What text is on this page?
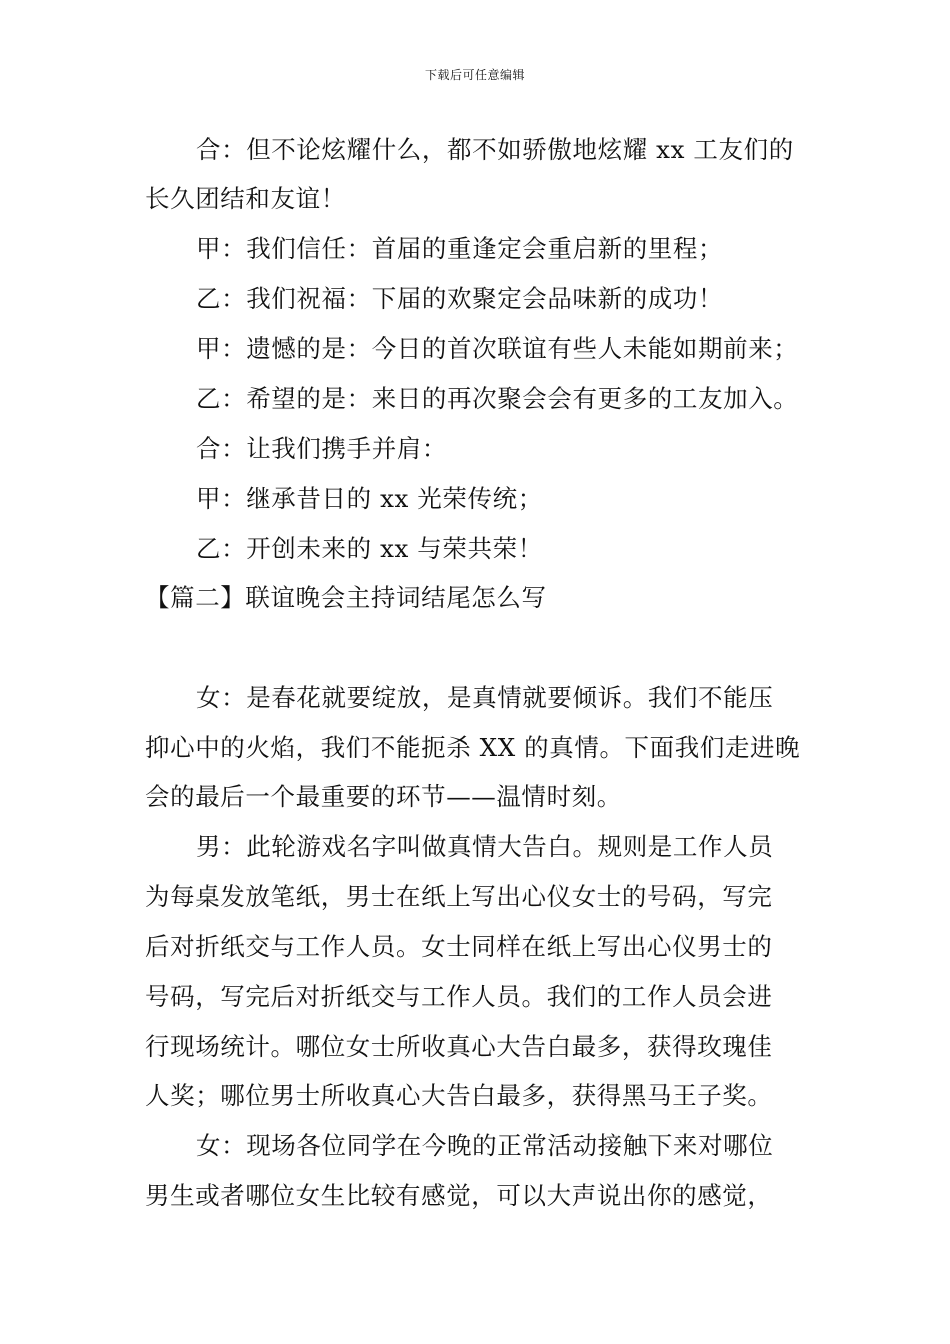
下载后可任意编辑
合：但不论炫耀什么，都不如骄傲地炫耀 xx 工友们的
长久团结和友谊！
甲：我们信任：首届的重逢定会重启新的里程；
乙：我们祝福：下届的欢聚定会品味新的成功！
甲：遗憾的是：今日的首次联谊有些人未能如期前来；
乙：希望的是：来日的再次聚会会有更多的工友加入。
合：让我们携手并肩：
甲：继承昔日的 xx 光荣传统；
乙：开创未来的 xx 与荣共荣！
【篇二】联谊晚会主持词结尾怎么写
女：是春花就要绽放，是真情就要倾诉。我们不能压
抑心中的火焰，我们不能扼杀 XX 的真情。下面我们走进晚
会的最后一个最重要的环节——温情时刻。
男：此轮游戏名字叫做真情大告白。规则是工作人员
为每桌发放笔纸，男士在纸上写出心仪女士的号码，写完
后对折纸交与工作人员。女士同样在纸上写出心仪男士的
号码，写完后对折纸交与工作人员。我们的工作人员会进
行现场统计。哪位女士所收真心大告白最多，获得玫瑰佳
人奖；哪位男士所收真心大告白最多，获得黑马王子奖。
女：现场各位同学在今晚的正常活动接触下来对哪位
男生或者哪位女生比较有感觉，可以大声说出你的感觉，
